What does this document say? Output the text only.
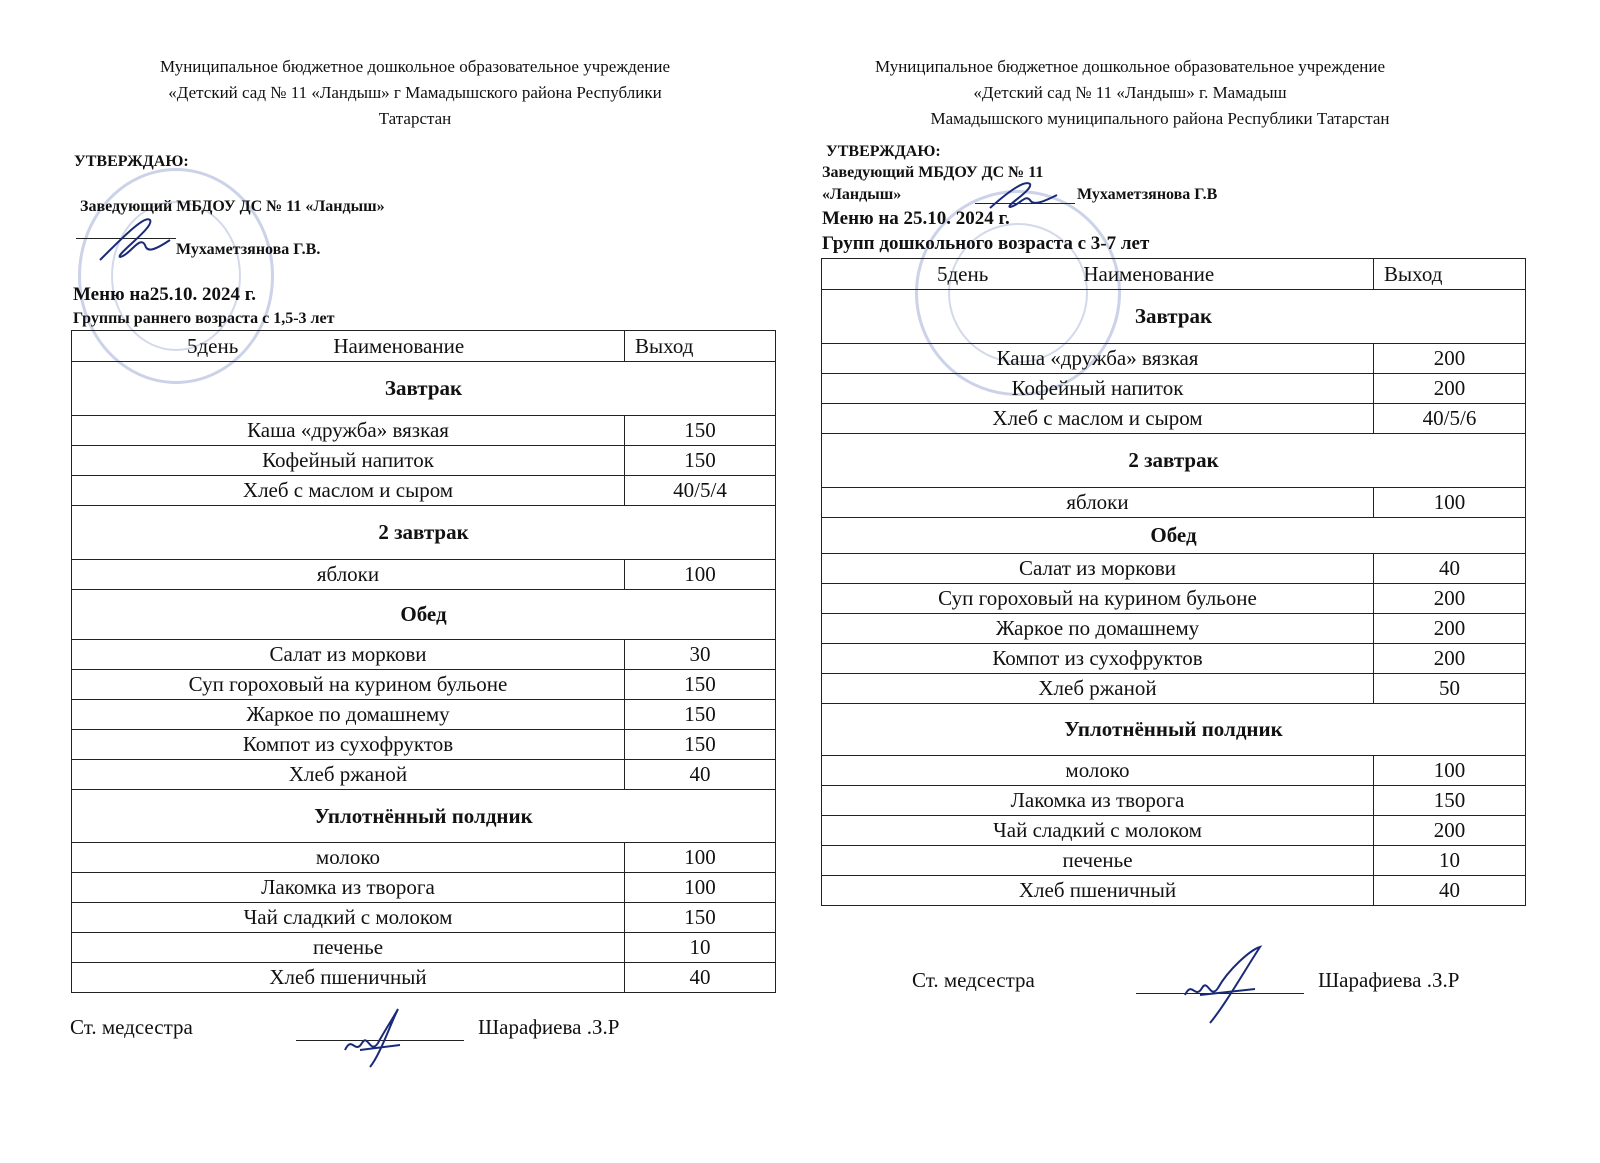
Муниципальное бюджетное дошкольное образовательное учреждение
«Детский сад № 11 «Ландыш» г Мамадышского района Республики
Татарстан
УТВЕРЖДАЮ:
Заведующий МБДОУ ДС № 11 «Ландыш»
Мухаметзянова Г.В.
Меню на25.10. 2024 г.
Группы раннего возраста с 1,5-3 лет
5день Наименование	Выход
Завтрак	
Каша «дружба» вязкая	150
Кофейный напиток	150
Хлеб с маслом и сыром	40/5/4
2 завтрак	
яблоки	100
Обед	
Салат из моркови	30
Суп гороховый на курином бульоне	150
Жаркое по домашнему	150
Компот из сухофруктов	150
Хлеб ржаной	40
Уплотнённый полдник	
молоко	100
Лакомка из творога	100
Чай сладкий с молоком	150
печенье	10
Хлеб пшеничный	40
Ст. медсестра	Шарафиева .З.Р
Муниципальное бюджетное дошкольное образовательное учреждение
«Детский сад № 11 «Ландыш» г. Мамадыш
Мамадышского муниципального района Республики Татарстан
УТВЕРЖДАЮ:
Заведующий МБДОУ ДС № 11
«Ландыш»	Мухаметзянова Г.В
Меню на 25.10. 2024 г.
Групп дошкольного возраста с 3-7 лет
5день Наименование	Выход
Завтрак	
Каша «дружба» вязкая	200
Кофейный напиток	200
Хлеб с маслом и сыром	40/5/6
2 завтрак	
яблоки	100
Обед	
Салат из моркови	40
Суп гороховый на курином бульоне	200
Жаркое по домашнему	200
Компот из сухофруктов	200
Хлеб ржаной	50
Уплотнённый полдник	
молоко	100
Лакомка из творога	150
Чай сладкий с молоком	200
печенье	10
Хлеб пшеничный	40
Ст. медсестра	Шарафиева .З.Р
